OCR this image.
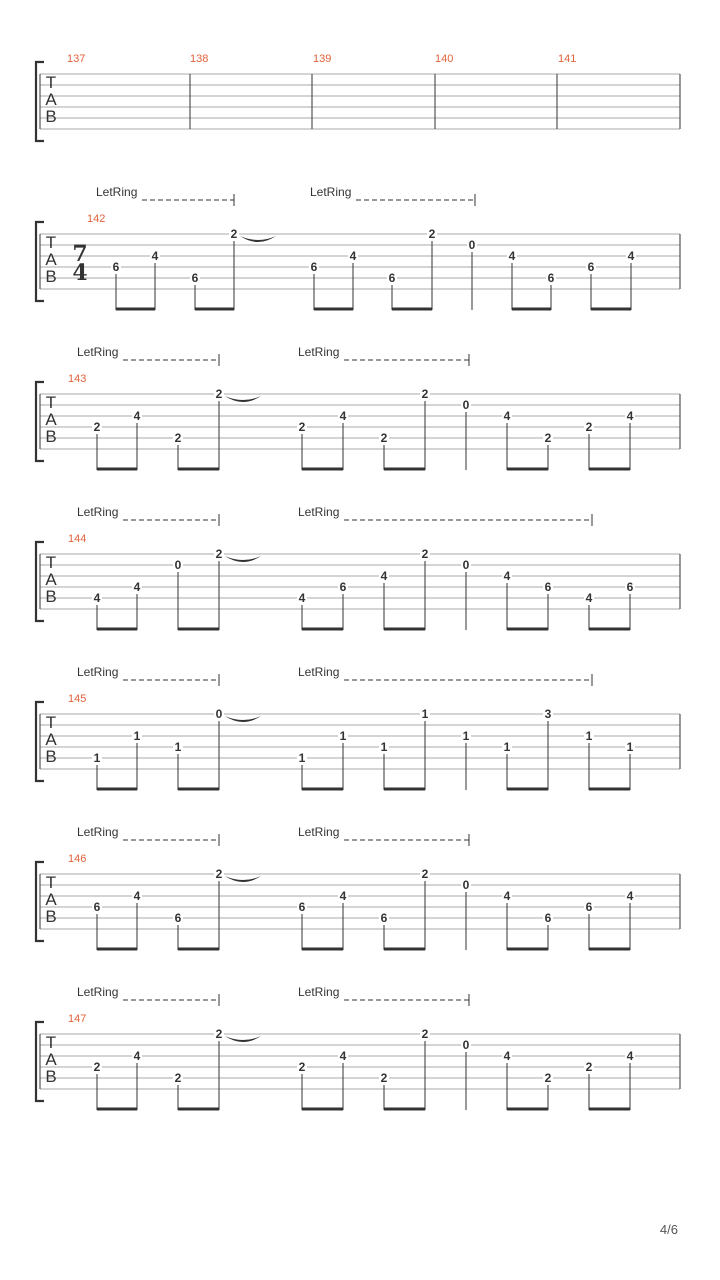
T
A
B
137	138	139	140	141
T
A
B
142
7
4
LetRing	LetRing
6
4
6
2
6
4
6
2
0
4
6
6
4
T
A
B
143
LetRing	LetRing
2
4
2
2
2
4
2
2
0
4
2
2
4
T
A
B
144
LetRing	LetRing
4
4
0
2
4
6
4
2
0
4
6
4
6
T
A
B
145
LetRing	LetRing
1
1
1
0
1
1
1
1
1
1
3
1
1
T
A
B
146
LetRing	LetRing
6
4
6
2
6
4
6
2
0
4
6
6
4
T
A
B
147
LetRing	LetRing
2
4
2
2
2
4
2
2
0
4
2
2
4
4/6
